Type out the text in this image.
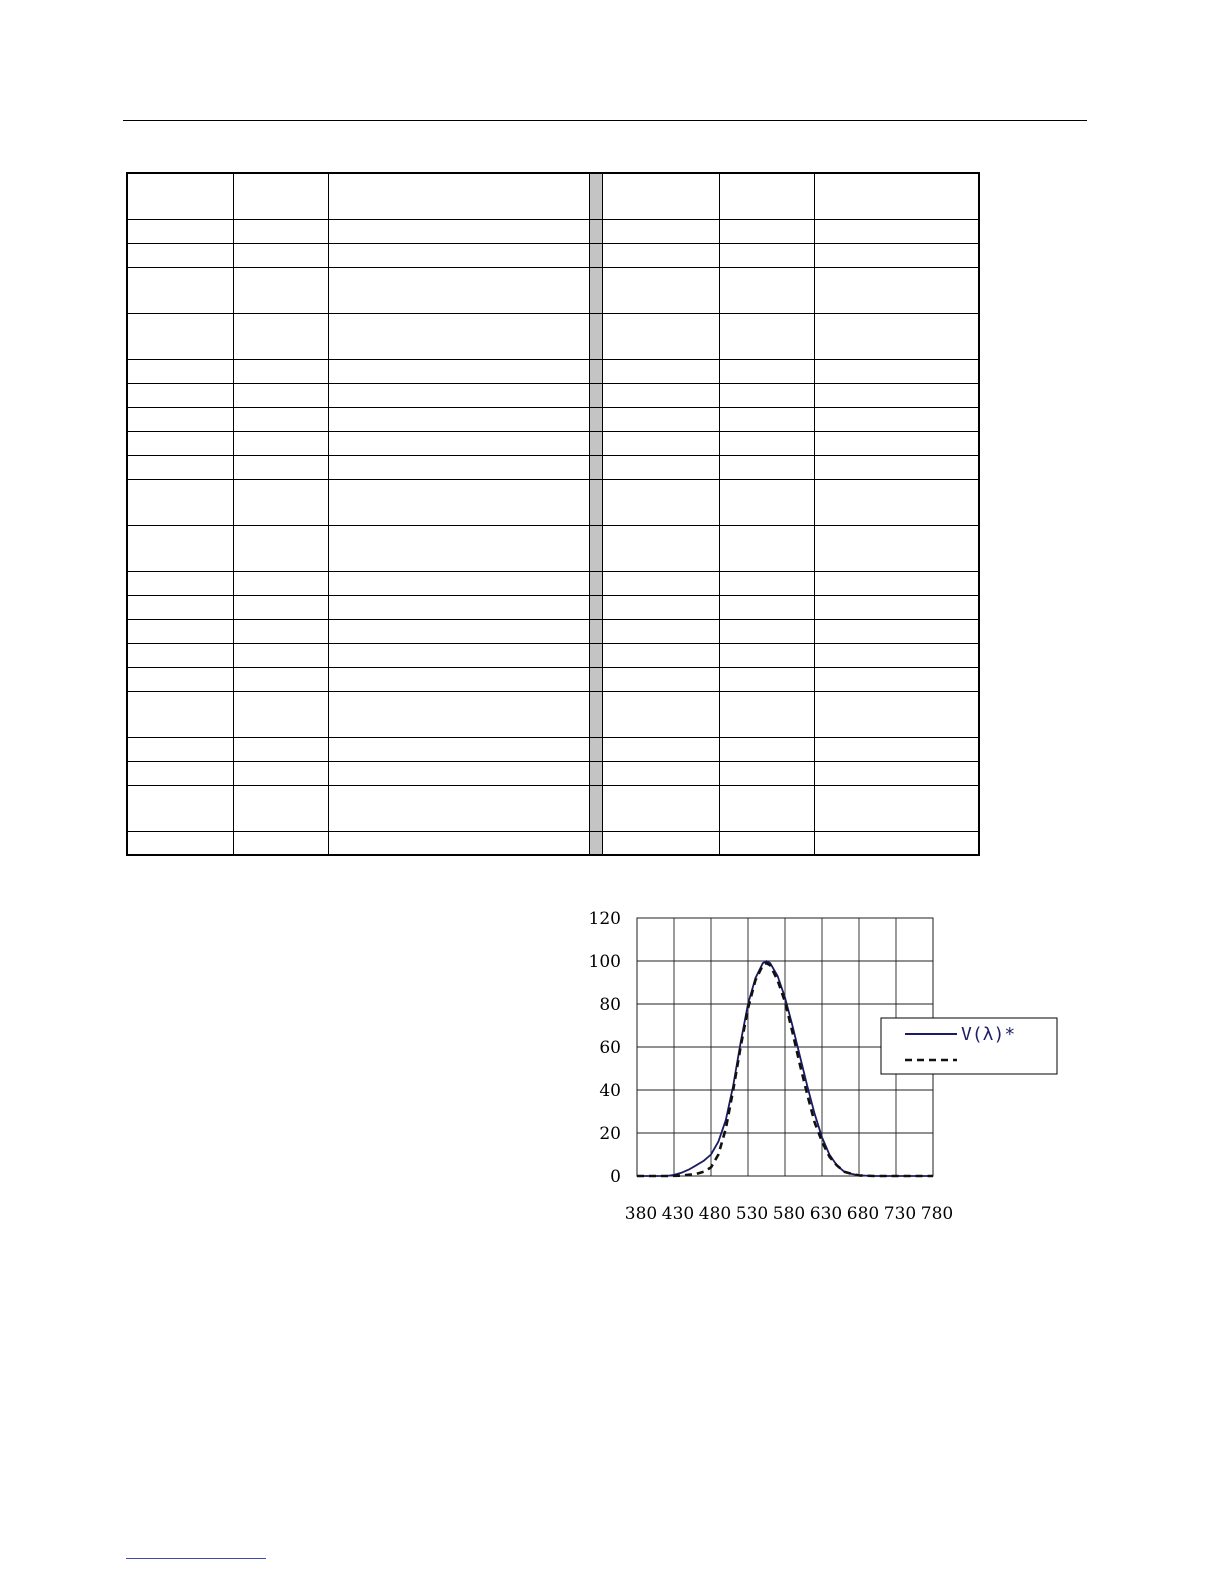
0
20
40
60
80
100
120
380 430 480 530 580 630 680 730 780
V(λ)*
